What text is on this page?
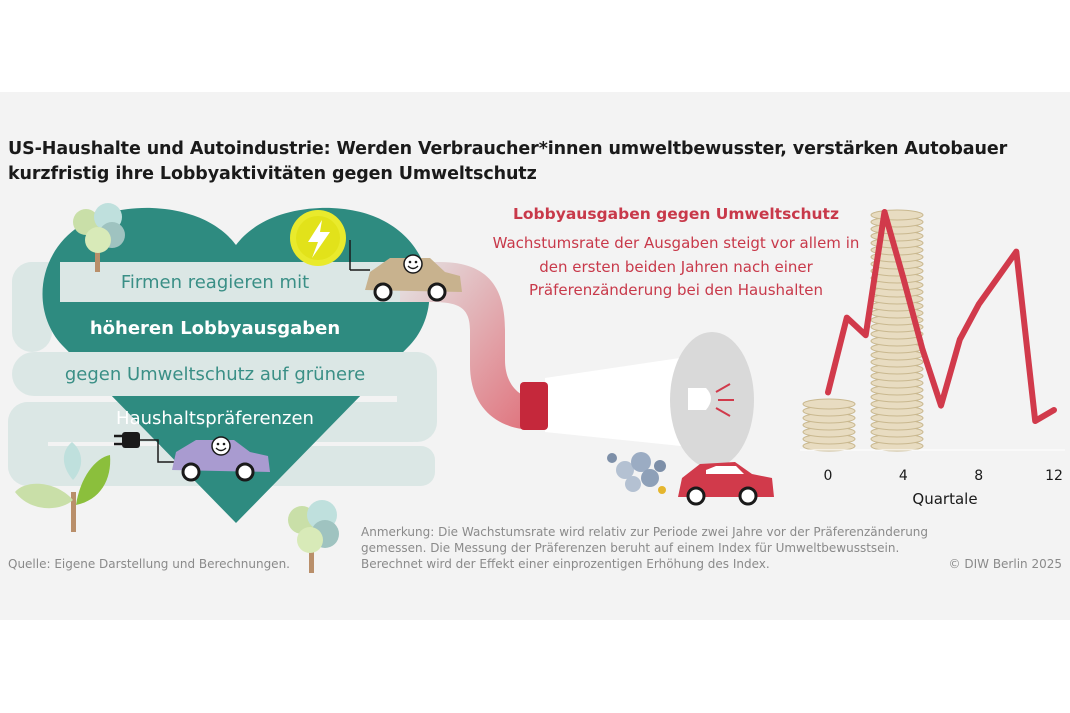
US-Haushalte und Autoindustrie: Werden Verbraucher*innen umweltbewusster, verstärken Autobauer kurzfristig ihre Lobbyaktivitäten gegen Umweltschutz
Firmen reagieren mit
höheren Lobbyausgaben
gegen Umweltschutz auf grünere
Haushaltspräferenzen
Lobbyausgaben gegen Umweltschutz
Wachstumsrate der Ausgaben steigt vor allem in den ersten beiden Jahren nach einer Präferenzänderung bei den Haushalten
0	4	8	12
Quartale
Anmerkung: Die Wachstumsrate wird relativ zur Periode zwei Jahre vor der Präferenzänderung gemessen. Die Messung der Präferenzen beruht auf einem Index für Umweltbewusstsein. Berechnet wird der Effekt einer einprozentigen Erhöhung des Index.
Quelle: Eigene Darstellung und Berechnungen.	© DIW Berlin 2025
